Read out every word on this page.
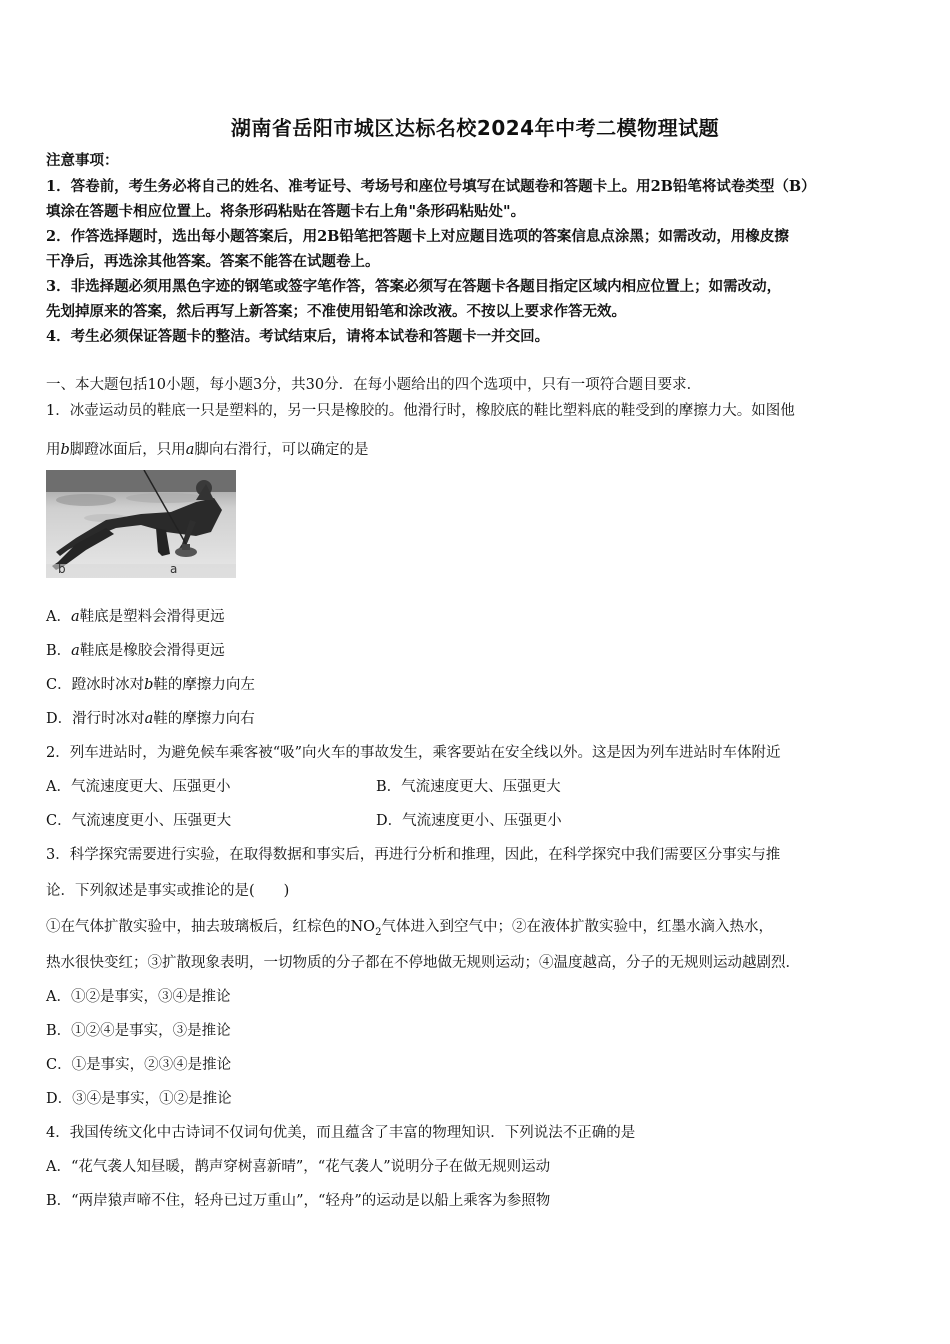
湖南省岳阳市城区达标名校2024年中考二模物理试题
注意事项：
1．答卷前，考生务必将自己的姓名、准考证号、考场号和座位号填写在试题卷和答题卡上。用2B铅笔将试卷类型（B）
填涂在答题卡相应位置上。将条形码粘贴在答题卡右上角"条形码粘贴处"。
2．作答选择题时，选出每小题答案后，用2B铅笔把答题卡上对应题目选项的答案信息点涂黑；如需改动，用橡皮擦
干净后，再选涂其他答案。答案不能答在试题卷上。
3．非选择题必须用黑色字迹的钢笔或签字笔作答，答案必须写在答题卡各题目指定区域内相应位置上；如需改动，
先划掉原来的答案，然后再写上新答案；不准使用铅笔和涂改液。不按以上要求作答无效。
4．考生必须保证答题卡的整洁。考试结束后，请将本试卷和答题卡一并交回。
一、本大题包括10小题，每小题3分，共30分．在每小题给出的四个选项中，只有一项符合题目要求．
1．冰壶运动员的鞋底一只是塑料的，另一只是橡胶的。他滑行时，橡胶底的鞋比塑料底的鞋受到的摩擦力大。如图他
用b脚蹬冰面后，只用a脚向右滑行，可以确定的是
b	a
A．a鞋底是塑料会滑得更远
B．a鞋底是橡胶会滑得更远
C．蹬冰时冰对b鞋的摩擦力向左
D．滑行时冰对a鞋的摩擦力向右
2．列车进站时，为避免候车乘客被“吸”向火车的事故发生，乘客要站在安全线以外。这是因为列车进站时车体附近
A．气流速度更大、压强更小	B．气流速度更大、压强更大
C．气流速度更小、压强更大	D．气流速度更小、压强更小
3．科学探究需要进行实验，在取得数据和事实后，再进行分析和推理，因此，在科学探究中我们需要区分事实与推
论．下列叙述是事实或推论的是(　　)
①在气体扩散实验中，抽去玻璃板后，红棕色的$NO_2$气体进入到空气中；②在液体扩散实验中，红墨水滴入热水，
热水很快变红；③扩散现象表明，一切物质的分子都在不停地做无规则运动；④温度越高，分子的无规则运动越剧烈．
A．①②是事实，③④是推论
B．①②④是事实，③是推论
C．①是事实，②③④是推论
D．③④是事实，①②是推论
4．我国传统文化中古诗词不仅词句优美，而且蕴含了丰富的物理知识．下列说法不正确的是
A．“花气袭人知昼暖，鹊声穿树喜新晴”，“花气袭人”说明分子在做无规则运动
B．“两岸猿声啼不住，轻舟已过万重山”，“轻舟”的运动是以船上乘客为参照物
